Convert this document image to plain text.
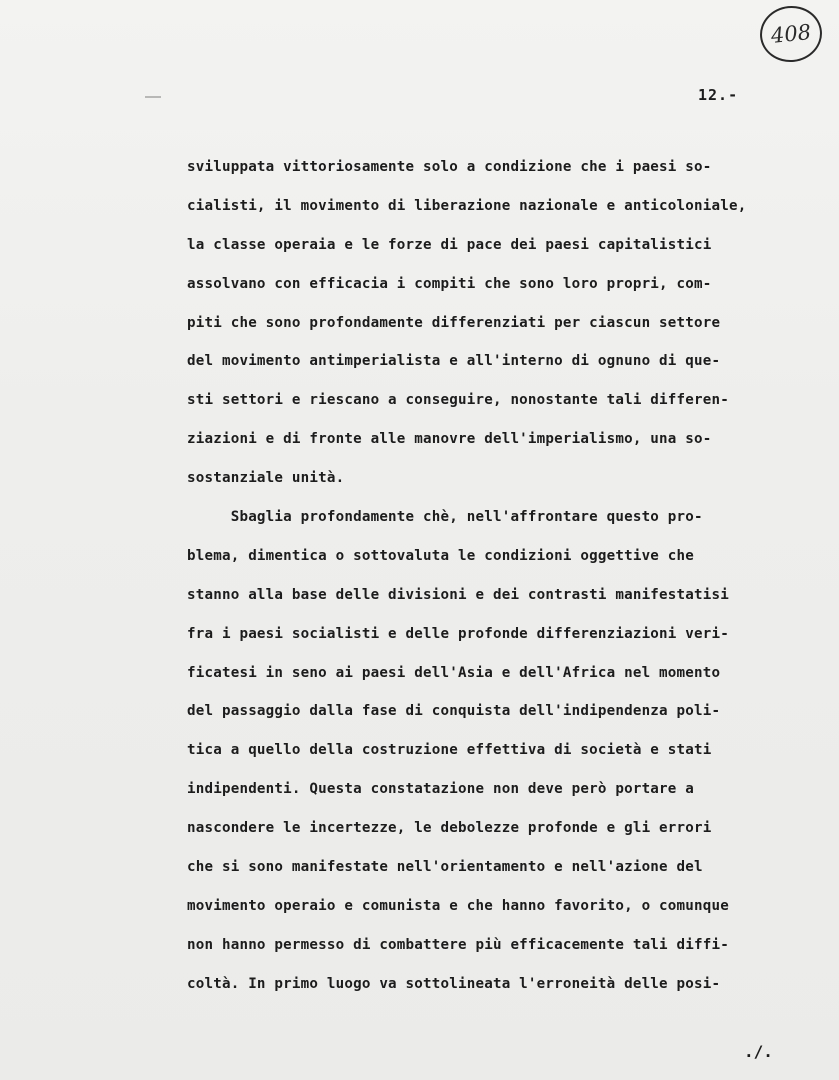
408
12.-
sviluppata vittoriosamente solo a condizione che i paesi so-
cialisti, il movimento di liberazione nazionale e anticoloniale,
la classe operaia e le forze di pace dei paesi capitalistici
assolvano con efficacia i compiti che sono loro propri, com-
piti che sono profondamente differenziati per ciascun settore
del movimento antimperialista e all'interno di ognuno di que-
sti settori e riescano a conseguire, nonostante tali differen-
ziazioni e di fronte alle manovre dell'imperialismo, una so-
sostanziale unità.
Sbaglia profondamente chè, nell'affrontare questo pro-
blema, dimentica o sottovaluta le condizioni oggettive che
stanno alla base delle divisioni e dei contrasti manifestatisi
fra i paesi socialisti e delle profonde differenziazioni veri-
ficatesi in seno ai paesi dell'Asia e dell'Africa nel momento
del passaggio dalla fase di conquista dell'indipendenza poli-
tica a quello della costruzione effettiva di società e stati
indipendenti. Questa constatazione non deve però portare a
nascondere le incertezze, le debolezze profonde e gli errori
che si sono manifestate nell'orientamento e nell'azione del
movimento operaio e comunista e che hanno favorito, o comunque
non hanno permesso di combattere più efficacemente tali diffi-
coltà. In primo luogo va sottolineata l'erroneità delle posi-
./.
